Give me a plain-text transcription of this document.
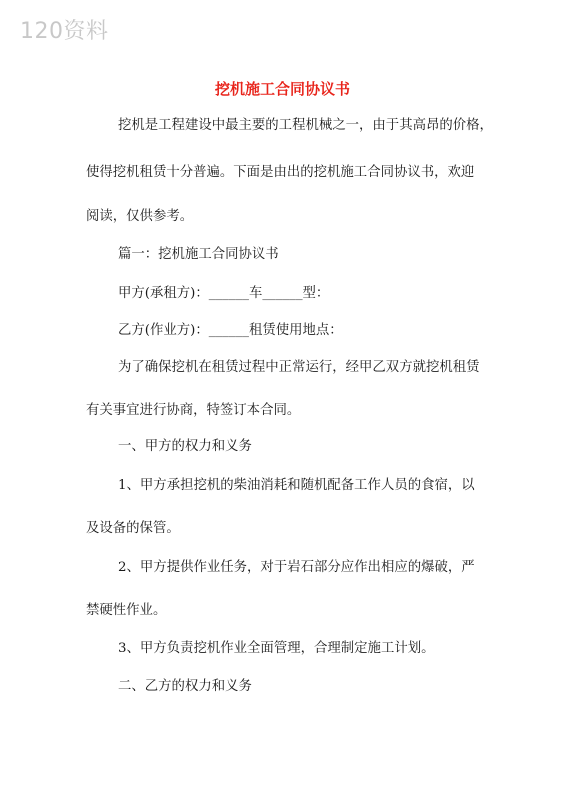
120资料
挖机施工合同协议书
挖机是工程建设中最主要的工程机械之一，由于其高昂的价格，
使得挖机租赁十分普遍。下面是由出的挖机施工合同协议书，欢迎
阅读，仅供参考。
篇一：挖机施工合同协议书
甲方(承租方)：______车______型：
乙方(作业方)：______租赁使用地点：
为了确保挖机在租赁过程中正常运行，经甲乙双方就挖机租赁
有关事宜进行协商，特签订本合同。
一、甲方的权力和义务
1、甲方承担挖机的柴油消耗和随机配备工作人员的食宿，以
及设备的保管。
2、甲方提供作业任务，对于岩石部分应作出相应的爆破，严
禁硬性作业。
3、甲方负责挖机作业全面管理，合理制定施工计划。
二、乙方的权力和义务
